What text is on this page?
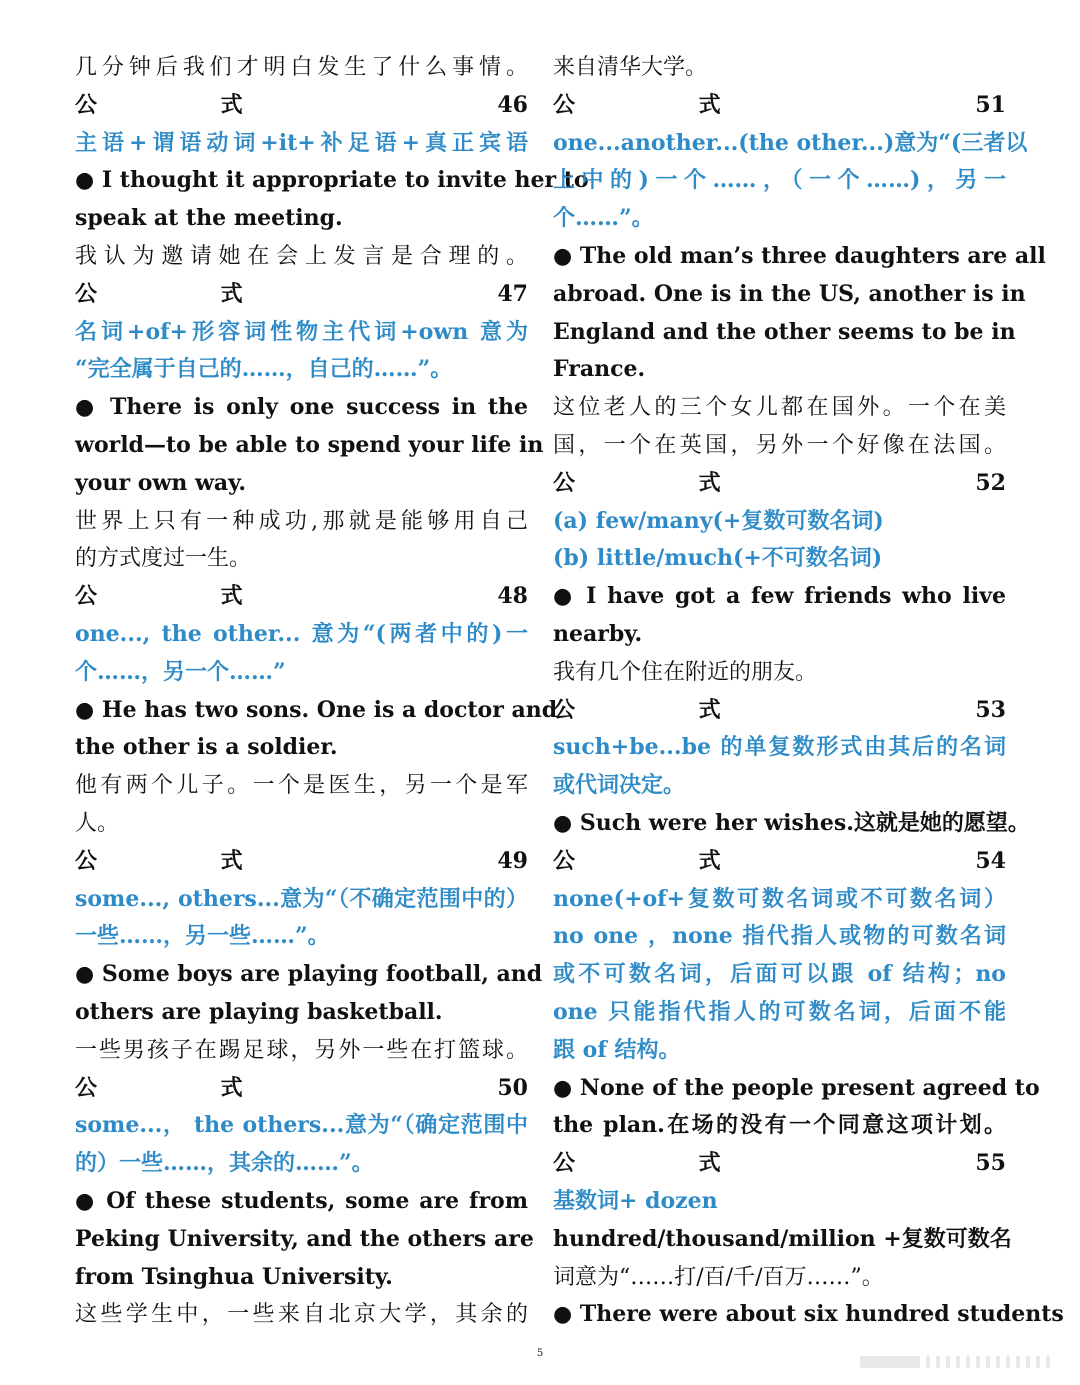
几分钟后我们才明白发生了什么事情。
公式 46
主语+谓语动词+it+补足语+真正宾语
● I thought it appropriate to invite her to
speak at the meeting.
我认为邀请她在会上发言是合理的。
公式 47
名词+of+形容词性物主代词+own 意为
“完全属于自己的……，自己的……”。
● There is only one success in the
world—to be able to spend your life in
your own way.
世界上只有一种成功,那就是能够用自己
的方式度过一生。
公式 48
one..., the other... 意为“(两者中的)一
个……，另一个……”
● He has two sons. One is a doctor and
the other is a soldier.
他有两个儿子。一个是医生，另一个是军
人。
公式 49
some..., others...意为“（不确定范围中的）
一些……，另一些……”。
● Some boys are playing football, and
others are playing basketball.
一些男孩子在踢足球，另外一些在打篮球。
公式 50
some...， the others...意为“（确定范围中
的）一些……，其余的……”。
● Of these students, some are from
Peking University, and the others are
from Tsinghua University.
这些学生中，一些来自北京大学，其余的
来自清华大学。
公式 51
one...another...(the other...)意为“(三者以
上中的)一个……，（一个……)，另一
个……”。
● The old man’s three daughters are all
abroad. One is in the US, another is in
England and the other seems to be in
France.
这位老人的三个女儿都在国外。一个在美
国，一个在英国，另外一个好像在法国。
公式 52
(a) few/many(+复数可数名词)
(b) little/much(+不可数名词)
● I have got a few friends who live
nearby.
我有几个住在附近的朋友。
公式 53
such+be...be 的单复数形式由其后的名词
或代词决定。
● Such were her wishes.这就是她的愿望。
公式 54
none(+of+复数可数名词或不可数名词）
no one ，none 指代指人或物的可数名词
或不可数名词，后面可以跟 of 结构；no
one 只能指代指人的可数名词，后面不能
跟 of 结构。
● None of the people present agreed to
the plan.在场的没有一个同意这项计划。
公式 55
基数词+ dozen
hundred/thousand/million +复数可数名
词意为“……打/百/千/百万……”。
● There were about six hundred students
5
